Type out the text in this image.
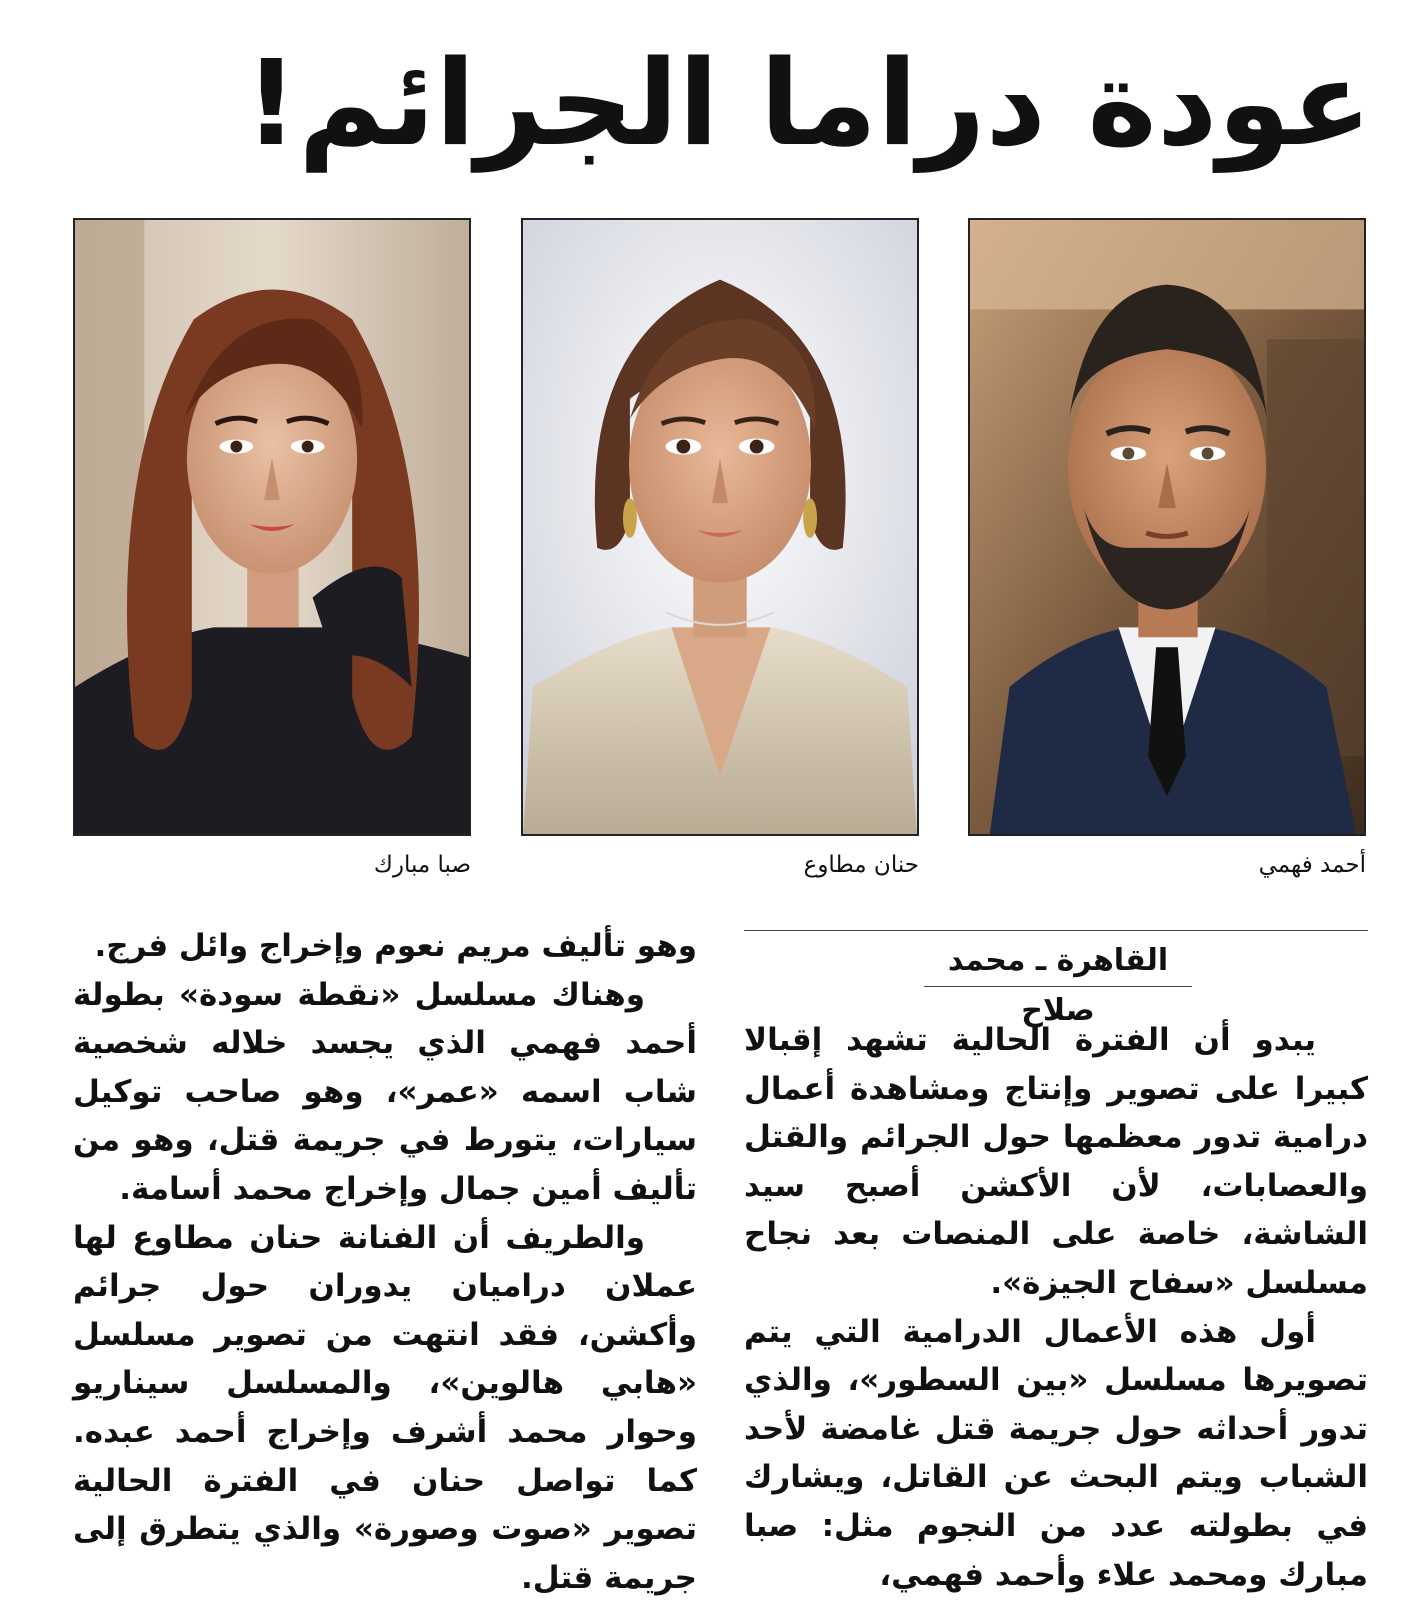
عودة دراما الجرائم!
أحمد فهمي
حنان مطاوع
صبا مبارك
القاهرة ـ محمد صلاح

يبدو أن الفترة الحالية تشهد إقبالا كبيرا على تصوير وإنتاج ومشاهدة أعمال درامية تدور معظمها حول الجرائم والقتل والعصابات، لأن الأكشن أصبح سيد الشاشة، خاصة على المنصات بعد نجاح مسلسل «سفاح الجيزة».

أول هذه الأعمال الدرامية التي يتم تصويرها مسلسل «بين السطور»، والذي تدور أحداثه حول جريمة قتل غامضة لأحد الشباب ويتم البحث عن القاتل، ويشارك في بطولته عدد من النجوم مثل: صبا مبارك ومحمد علاء وأحمد فهمي،

وهو تأليف مريم نعوم وإخراج وائل فرج.

وهناك مسلسل «نقطة سودة» بطولة أحمد فهمي الذي يجسد خلاله شخصية شاب اسمه «عمر»، وهو صاحب توكيل سيارات، يتورط في جريمة قتل، وهو من تأليف أمين جمال وإخراج محمد أسامة.

والطريف أن الفنانة حنان مطاوع لها عملان دراميان يدوران حول جرائم وأكشن، فقد انتهت من تصوير مسلسل «هابي هالوين»، والمسلسل سيناريو وحوار محمد أشرف وإخراج أحمد عبده. كما تواصل حنان في الفترة الحالية تصوير «صوت وصورة» والذي يتطرق إلى جريمة قتل.
